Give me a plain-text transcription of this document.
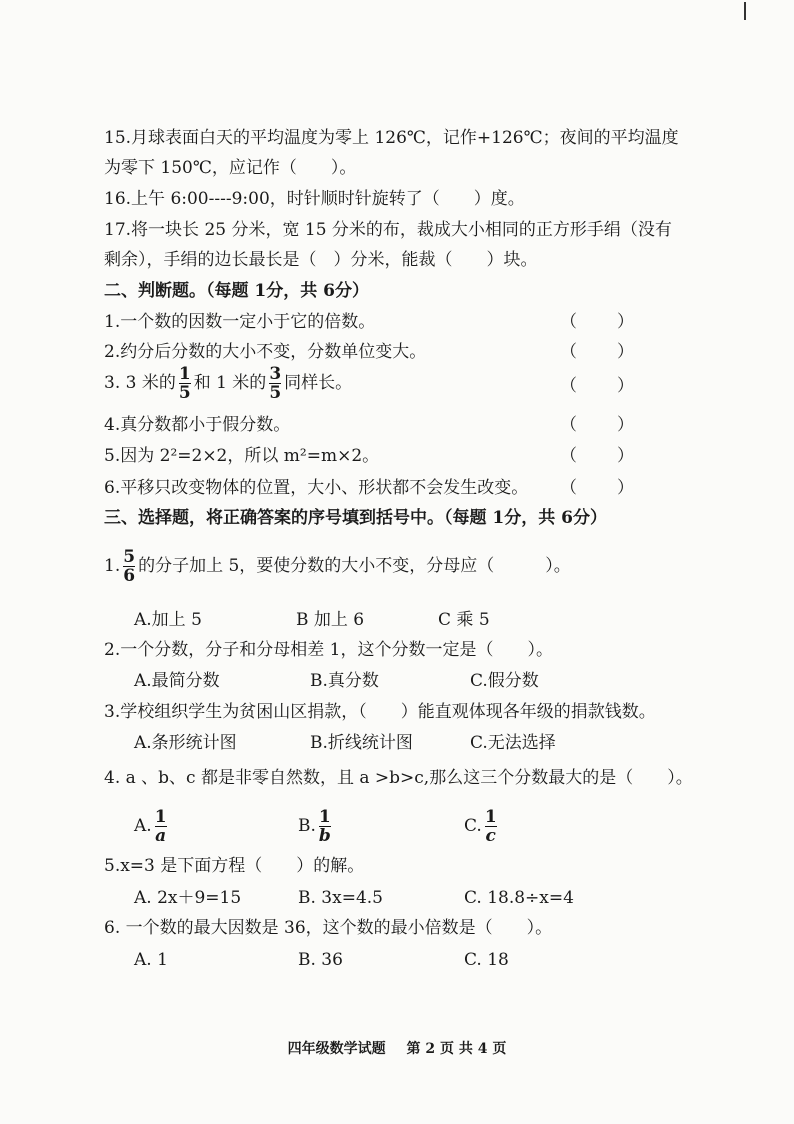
15.月球表面白天的平均温度为零上 126℃，记作+126℃；夜间的平均温度
为零下 150℃，应记作（　　）。
16.上午 6:00----9:00，时针顺时针旋转了（　　）度。
17.将一块长 25 分米，宽 15 分米的布，裁成大小相同的正方形手绢（没有
剩余），手绢的边长最长是（　）分米，能裁（　　）块。
二、判断题。（每题 1分，共 6分）
1.一个数的因数一定小于它的倍数。	（　　）
2.约分后分数的大小不变，分数单位变大。	（　　）
3. 3 米的 $\frac{1}{5}$ 和 1 米的 $\frac{3}{5}$ 同样长。	（　　）
4.真分数都小于假分数。	（　　）
5.因为 2²=2×2，所以 m²=m×2。	（　　）
6.平移只改变物体的位置，大小、形状都不会发生改变。 （　　）
三、选择题，将正确答案的序号填到括号中。（每题 1分，共 6分）
1. $\frac{5}{6}$ 的分子加上 5，要使分数的大小不变，分母应（　　　）。
A.加上 5	B 加上 6	C 乘 5
2.一个分数，分子和分母相差 1，这个分数一定是（　　）。
A.最简分数	B.真分数	C.假分数
3.学校组织学生为贫困山区捐款，（　　）能直观体现各年级的捐款钱数。
A.条形统计图	B.折线统计图	C.无法选择
4. a 、b、c 都是非零自然数，且 a >b>c,那么这三个分数最大的是（　　）。
A. $\frac{1}{a}$	B. $\frac{1}{b}$	C. $\frac{1}{c}$
5.x=3 是下面方程（　　）的解。
A. 2x＋9=15	B. 3x=4.5	C. 18.8÷x=4
6. 一个数的最大因数是 36，这个数的最小倍数是（　　）。
A. 1	B. 36	C. 18
四年级数学试题 第 2 页 共 4 页
